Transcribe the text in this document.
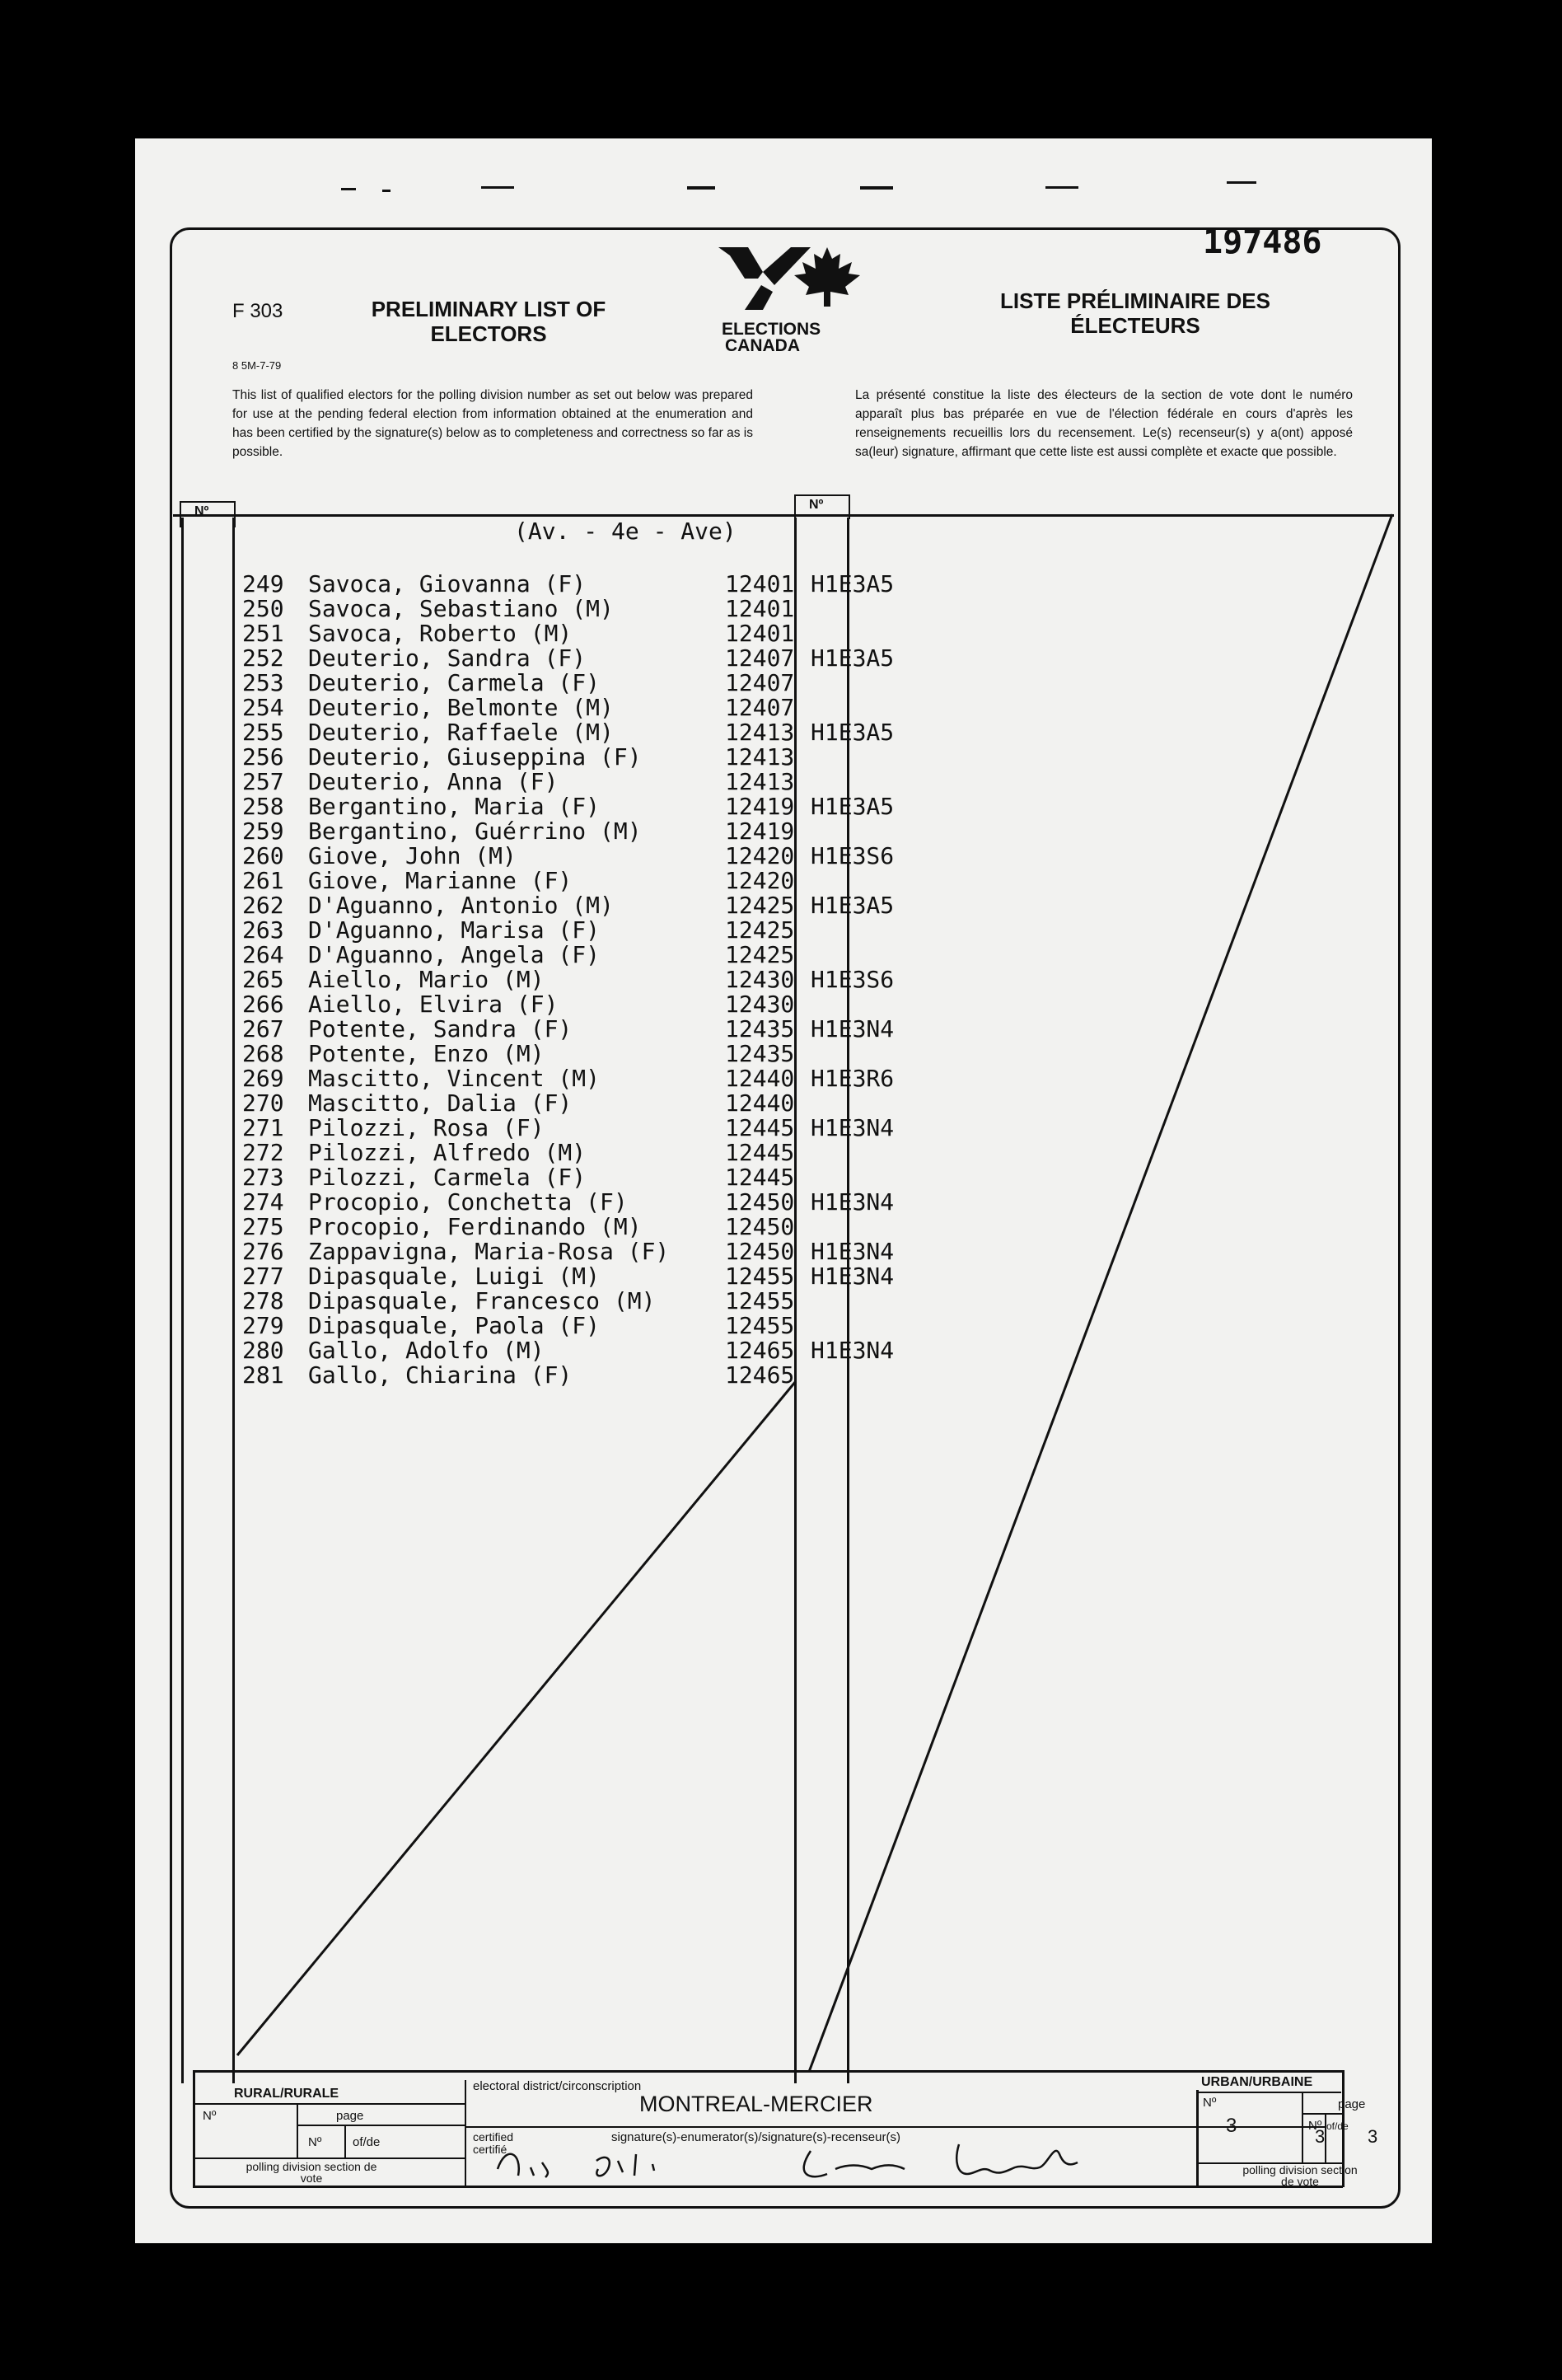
F 303
8 5M-7-79
197486
PRELIMINARY LIST OF ELECTORS
LISTE PRÉLIMINAIRE DES ÉLECTEURS
ELECTIONS
CANADA
This list of qualified electors for the polling division number as set out below was prepared for use at the pending federal election from information obtained at the enumeration and has been certified by the signature(s) below as to completeness and correctness so far as is possible.
La présenté constitue la liste des électeurs de la section de vote dont le numéro apparaît plus bas préparée en vue de l'élection fédérale en cours d'après les renseignements recueillis lors du recensement. Le(s) recenseur(s) y a(ont) apposé sa(leur) signature, affirmant que cette liste est aussi complète et exacte que possible.
Nº	Nº
(Av. - 4e - Ave)
249	Savoca, Giovanna (F)	12401 H1E3A5
250	Savoca, Sebastiano (M)	12401
251	Savoca, Roberto (M)	12401
252	Deuterio, Sandra (F)	12407 H1E3A5
253	Deuterio, Carmela (F)	12407
254	Deuterio, Belmonte (M)	12407
255	Deuterio, Raffaele (M)	12413 H1E3A5
256	Deuterio, Giuseppina (F)	12413
257	Deuterio, Anna (F)	12413
258	Bergantino, Maria (F)	12419 H1E3A5
259	Bergantino, Guérrino (M)	12419
260	Giove, John (M)	12420 H1E3S6
261	Giove, Marianne (F)	12420
262	D'Aguanno, Antonio (M)	12425 H1E3A5
263	D'Aguanno, Marisa (F)	12425
264	D'Aguanno, Angela (F)	12425
265	Aiello, Mario (M)	12430 H1E3S6
266	Aiello, Elvira (F)	12430
267	Potente, Sandra (F)	12435 H1E3N4
268	Potente, Enzo (M)	12435
269	Mascitto, Vincent (M)	12440 H1E3R6
270	Mascitto, Dalia (F)	12440
271	Pilozzi, Rosa (F)	12445 H1E3N4
272	Pilozzi, Alfredo (M)	12445
273	Pilozzi, Carmela (F)	12445
274	Procopio, Conchetta (F)	12450 H1E3N4
275	Procopio, Ferdinando (M)	12450
276	Zappavigna, Maria-Rosa (F) 12450 H1E3N4
277	Dipasquale, Luigi (M)	12455 H1E3N4
278	Dipasquale, Francesco (M)	12455
279	Dipasquale, Paola (F)	12455
280	Gallo, Adolfo (M)	12465 H1E3N4
281	Gallo, Chiarina (F)	12465
RURAL/RURALE
Nº	page
Nº	of/de
polling division section de vote
electoral district/circonscription
MONTREAL-MERCIER
certified certifié
signature(s)-enumerator(s)/signature(s)-recenseur(s)
URBAN/URBAINE
Nº
3
page
Nº
3 of/de 3
polling division section de vote
